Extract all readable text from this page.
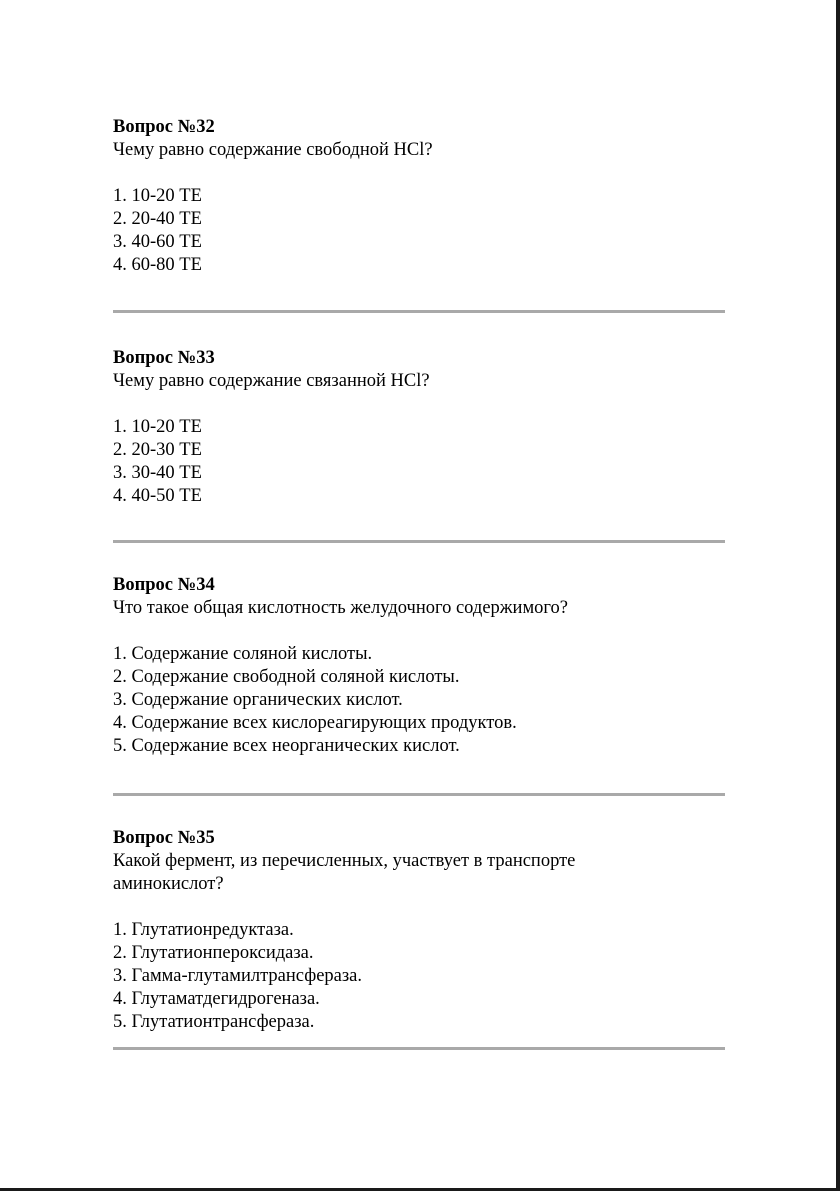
Вопрос №32

Чему равно содержание свободной HCl?

1. 10-20 ТЕ
2. 20-40 ТЕ
3. 40-60 ТЕ
4. 60-80 ТЕ

Вопрос №33

Чему равно содержание связанной HCl?

1. 10-20 ТЕ
2. 20-30 ТЕ
3. 30-40 ТЕ
4. 40-50 ТЕ

Вопрос №34

Что такое общая кислотность желудочного содержимого?

1. Содержание соляной кислоты.
2. Содержание свободной соляной кислоты.
3. Содержание органических кислот.
4. Содержание всех кислореагирующих продуктов.
5. Содержание всех неорганических кислот.

Вопрос №35

Какой фермент, из перечисленных, участвует в транспорте

аминокислот?

1. Глутатионредуктаза.
2. Глутатионпероксидаза.
3. Гамма-глутамилтрансфераза.
4. Глутаматдегидрогеназа.
5. Глутатионтрансфераза.
